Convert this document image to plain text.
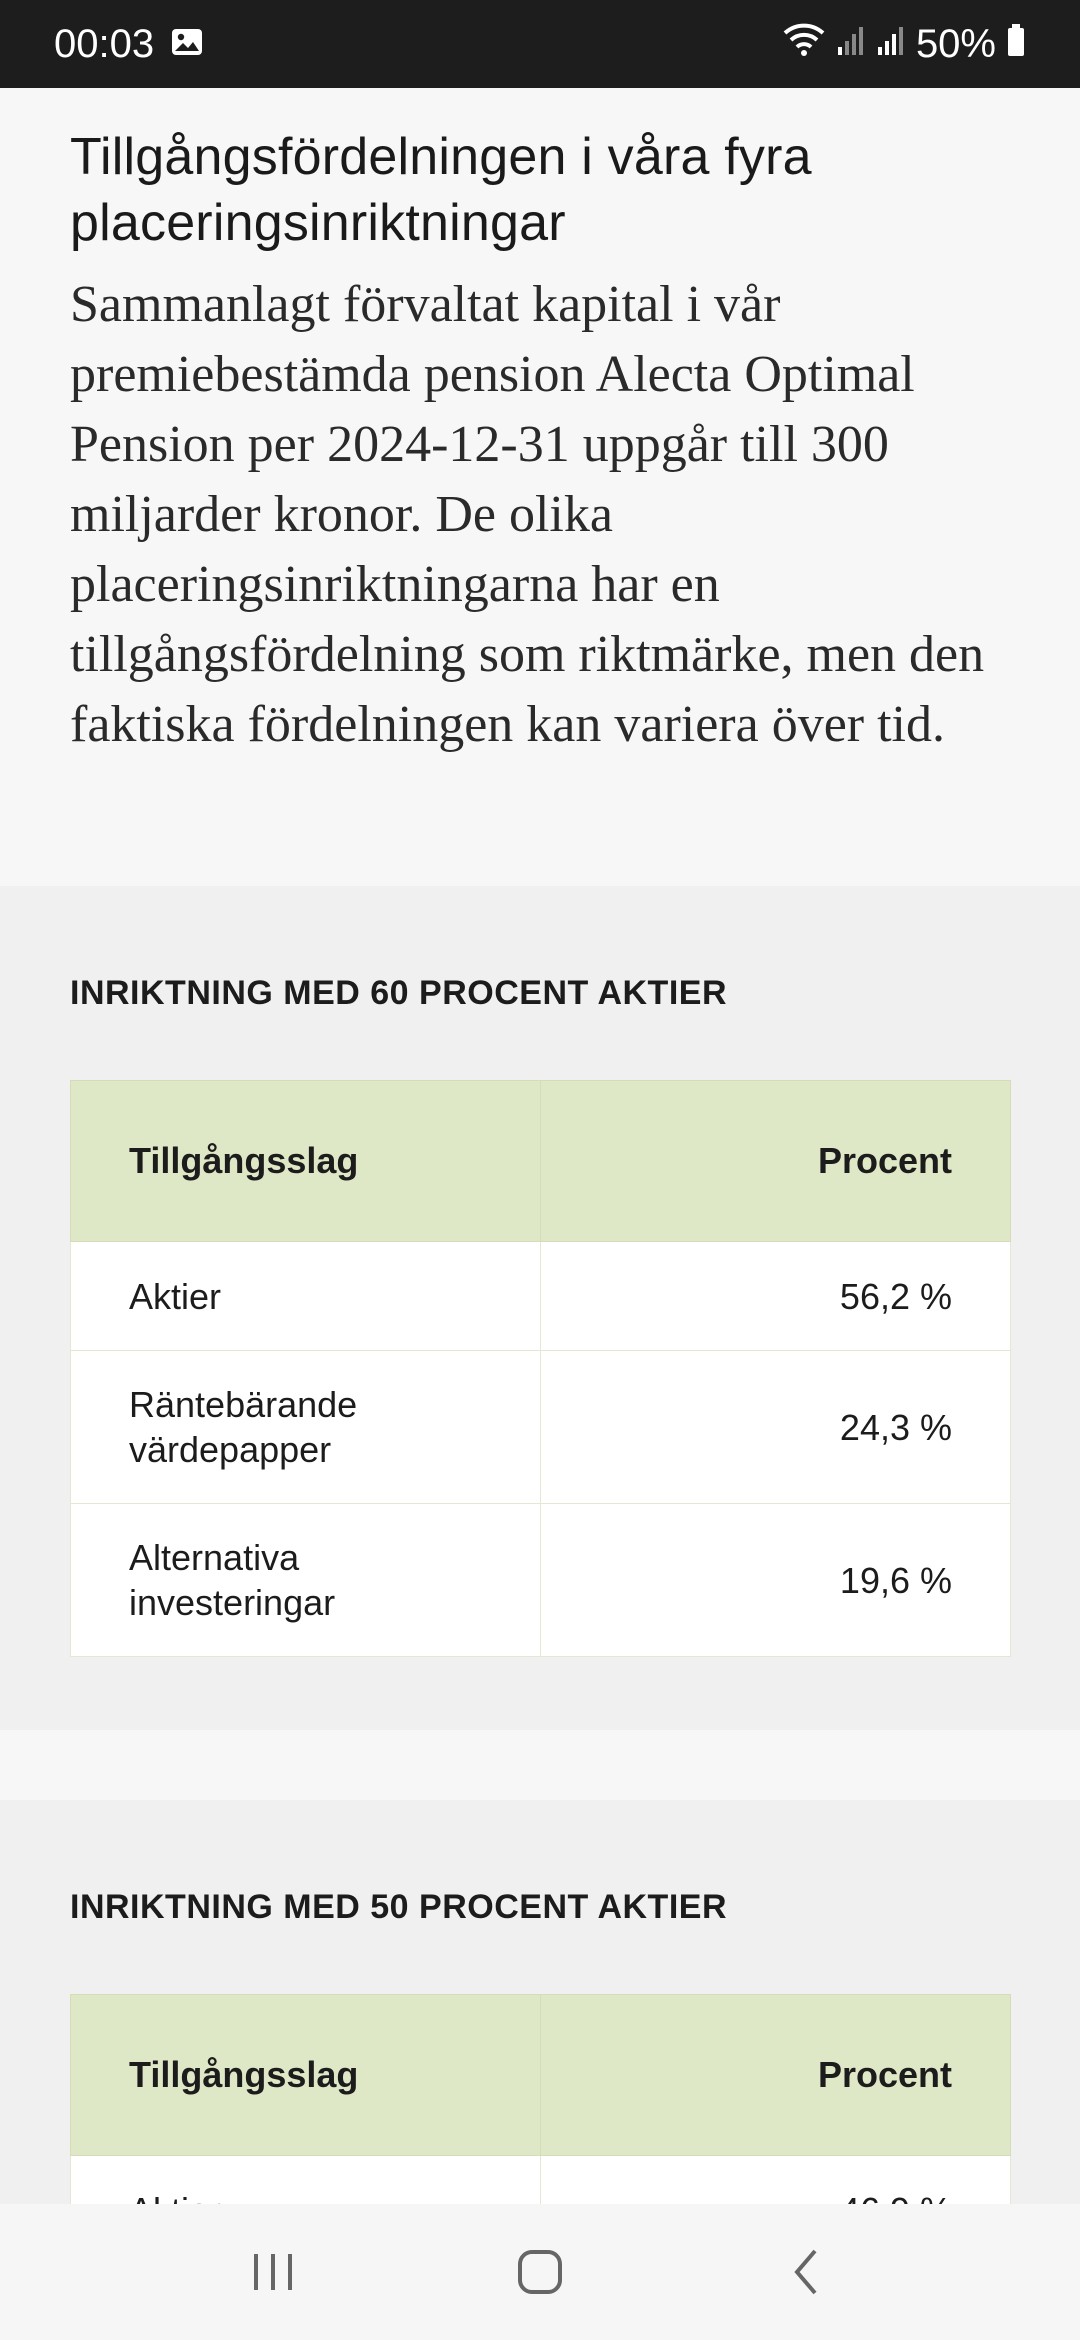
00:03	50%
Tillgångsfördelningen i våra fyra placeringsinriktningar

Sammanlagt förvaltat kapital i vår premiebestämda pension Alecta Optimal Pension per 2024-12-31 uppgår till 300 miljarder kronor. De olika placeringsinriktningarna har en tillgångsfördelning som riktmärke, men den faktiska fördelningen kan variera över tid.

INRIKTNING MED 60 PROCENT AKTIER
Tillgångsslag	Procent
Aktier	56,2 %

Räntebärande värdepapper	24,3 %

Alternativa investeringar	19,6 %
INRIKTNING MED 50 PROCENT AKTIER
Tillgångsslag	Procent
